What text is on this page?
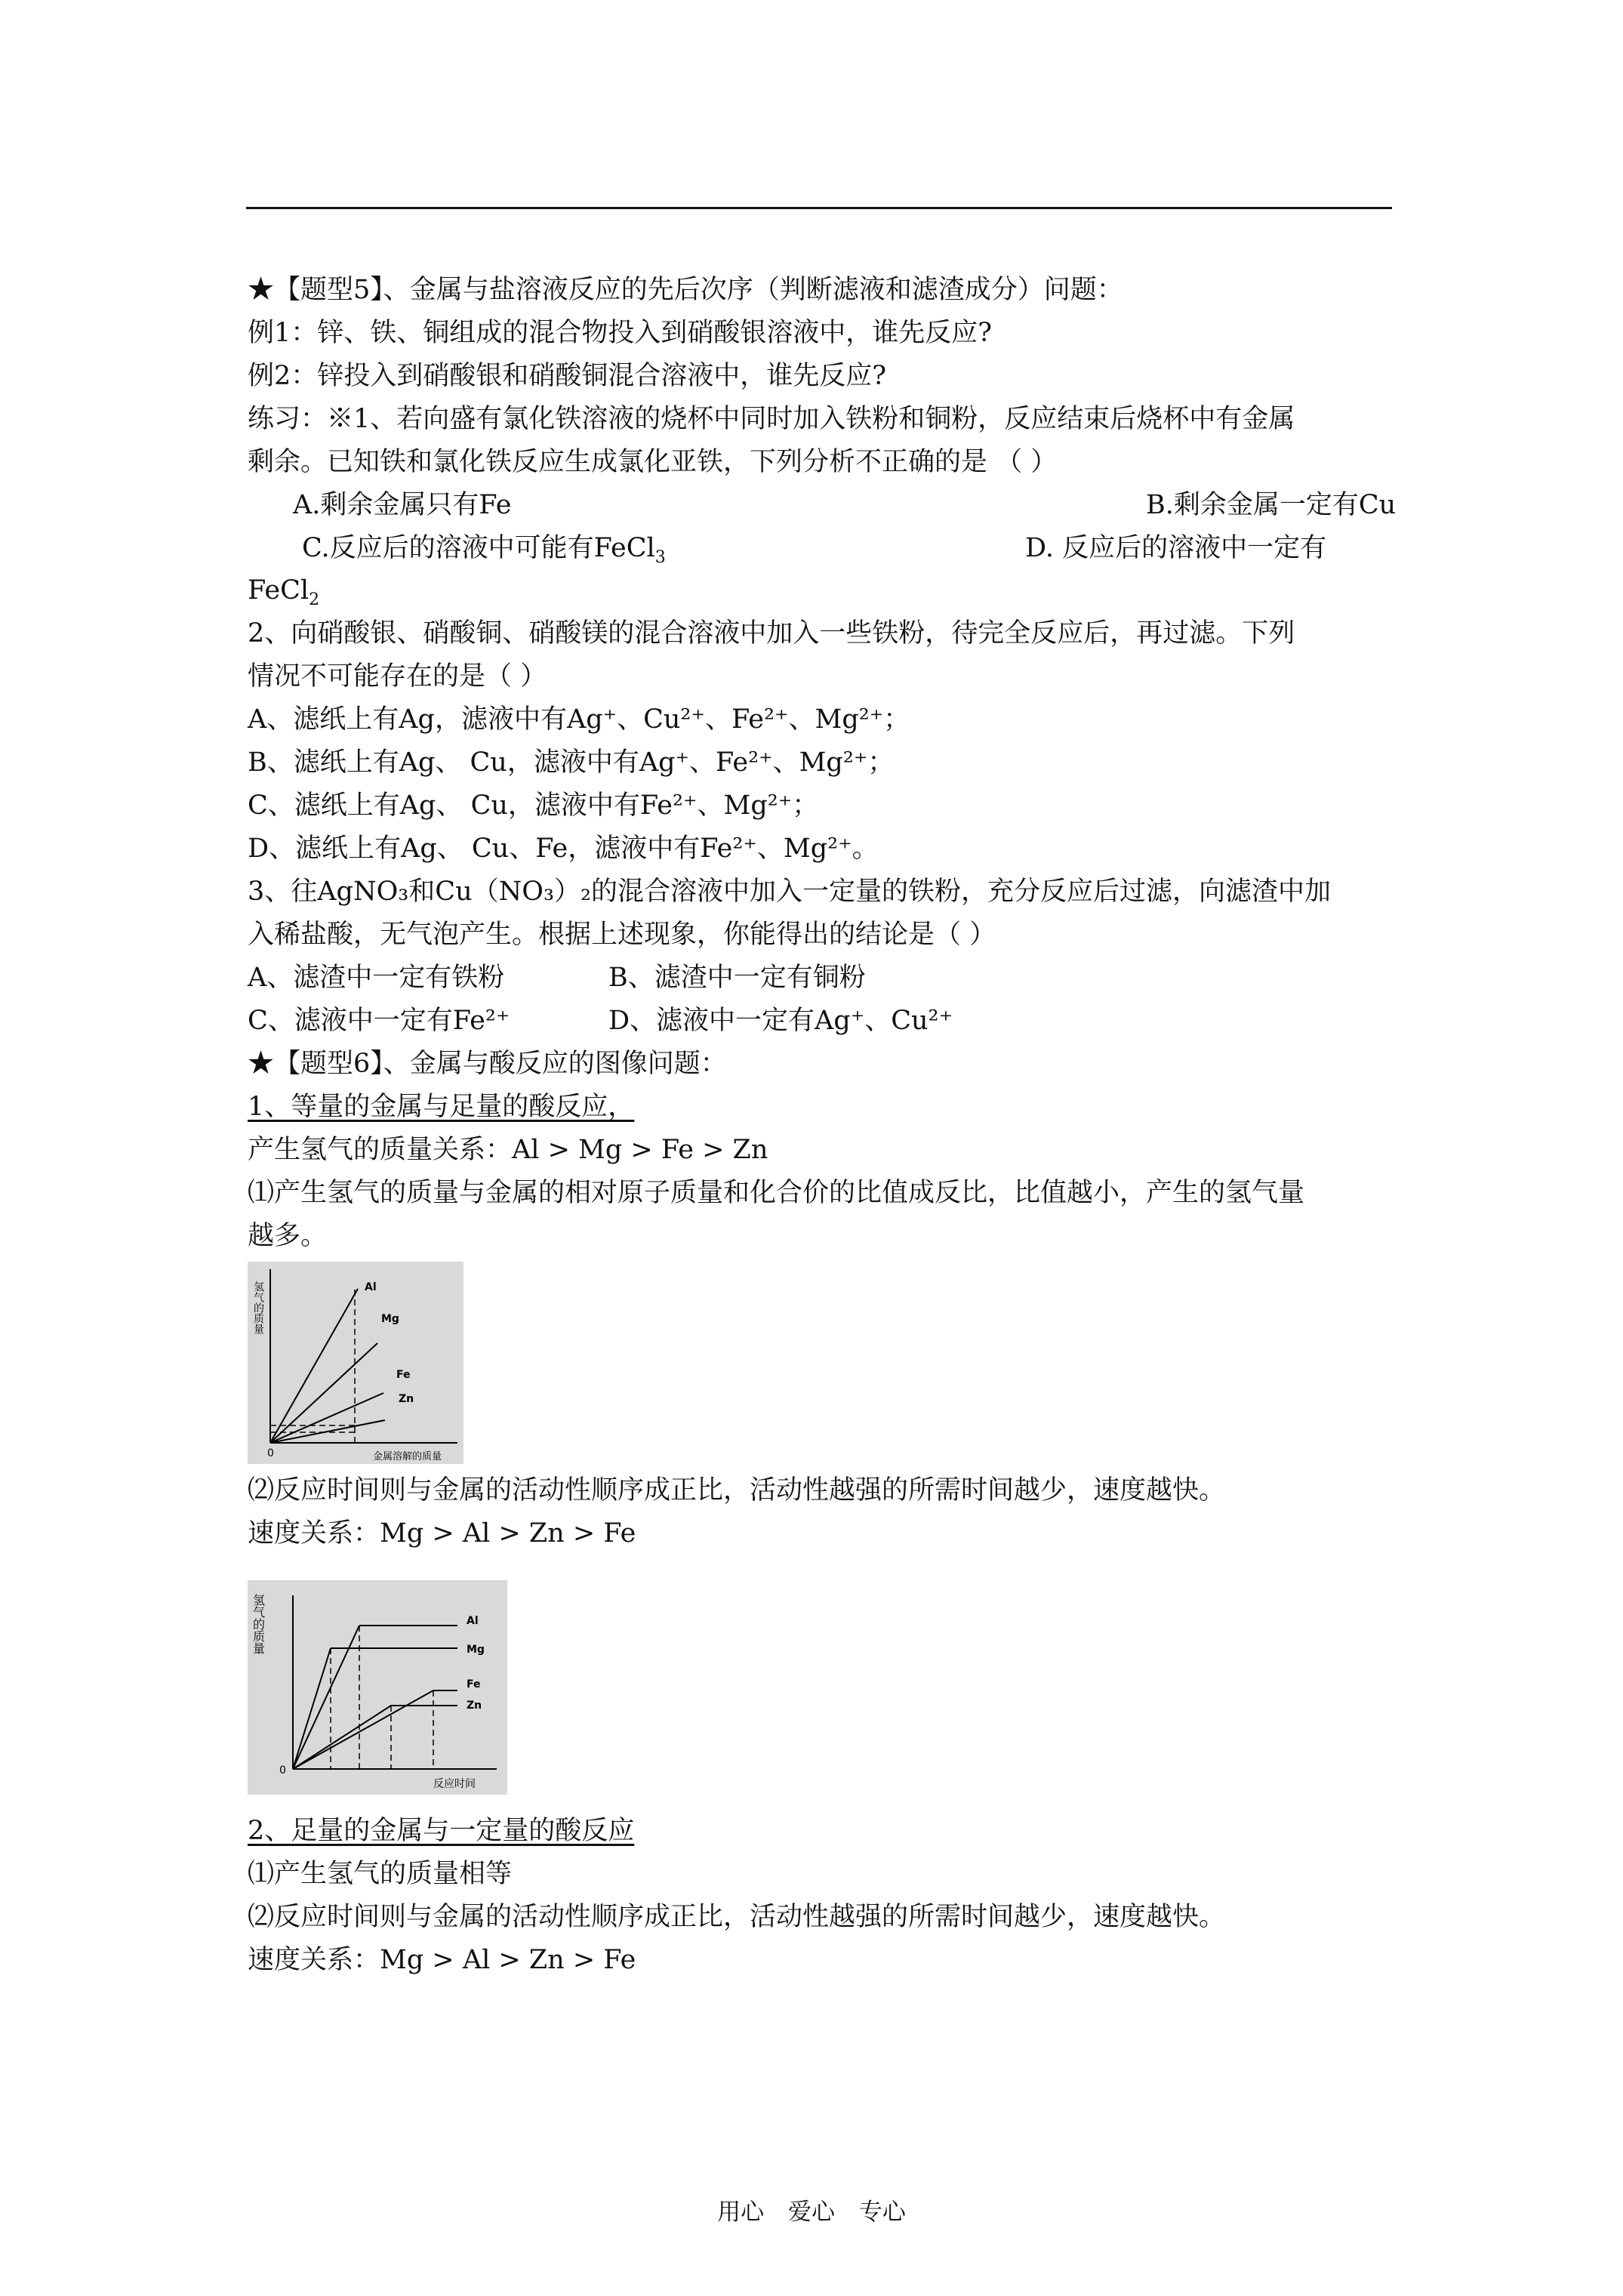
★【题型5】、金属与盐溶液反应的先后次序（判断滤液和滤渣成分）问题：
例1：锌、铁、铜组成的混合物投入到硝酸银溶液中，谁先反应?
例2：锌投入到硝酸银和硝酸铜混合溶液中，谁先反应?
练习：※1、若向盛有氯化铁溶液的烧杯中同时加入铁粉和铜粉，反应结束后烧杯中有金属
剩余。已知铁和氯化铁反应生成氯化亚铁，下列分析不正确的是 （ ）
A.剩余金属只有Fe	B.剩余金属一定有Cu
C.反应后的溶液中可能有FeCl$_3$	D. 反应后的溶液中一定有
FeCl$_2$
2、向硝酸银、硝酸铜、硝酸镁的混合溶液中加入一些铁粉，待完全反应后，再过滤。下列
情况不可能存在的是（ ）
A、滤纸上有Ag，滤液中有Ag⁺、Cu²⁺、Fe²⁺、Mg²⁺；
B、滤纸上有Ag、 Cu，滤液中有Ag⁺、Fe²⁺、Mg²⁺；
C、滤纸上有Ag、 Cu，滤液中有Fe²⁺、Mg²⁺；
D、滤纸上有Ag、 Cu、Fe，滤液中有Fe²⁺、Mg²⁺。
3、往AgNO₃和Cu（NO₃）₂的混合溶液中加入一定量的铁粉，充分反应后过滤，向滤渣中加
入稀盐酸，无气泡产生。根据上述现象，你能得出的结论是（ ）
A、滤渣中一定有铁粉	B、滤渣中一定有铜粉
C、滤液中一定有Fe²⁺	D、滤液中一定有Ag⁺、Cu²⁺
★【题型6】、金属与酸反应的图像问题：
1、等量的金属与足量的酸反应，
产生氢气的质量关系：Al > Mg > Fe > Zn
⑴产生氢气的质量与金属的相对原子质量和化合价的比值成反比，比值越小，产生的氢气量
越多。
氢气的质量
金属溶解的质量
0
Al
Mg
Fe
Zn
⑵反应时间则与金属的活动性顺序成正比，活动性越强的所需时间越少，速度越快。
速度关系：Mg > Al > Zn > Fe
氢气的质量
反应时间
0
Al
Mg
Fe
Zn
2、足量的金属与一定量的酸反应
⑴产生氢气的质量相等
⑵反应时间则与金属的活动性顺序成正比，活动性越强的所需时间越少，速度越快。
速度关系：Mg > Al > Zn > Fe
用心 爱心 专心
